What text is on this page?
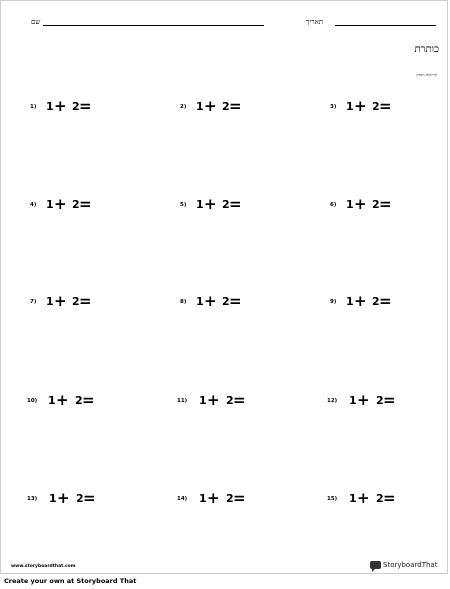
שם	תאריך
כותרת
הוראות הנחה
1) 1 + 2 =	2) 1 + 2 =	3) 1 + 2 =
4) 1 + 2 =	5) 1 + 2 =	6) 1 + 2 =
7) 1 + 2 =	8) 1 + 2 =	9) 1 + 2 =
10) 1 + 2 =	11) 1 + 2 =	12) 1 + 2 =
13) 1 + 2 =	14) 1 + 2 =	15) 1 + 2 =
www.storyboardthat.com	StoryboardThat
Create your own at Storyboard That
